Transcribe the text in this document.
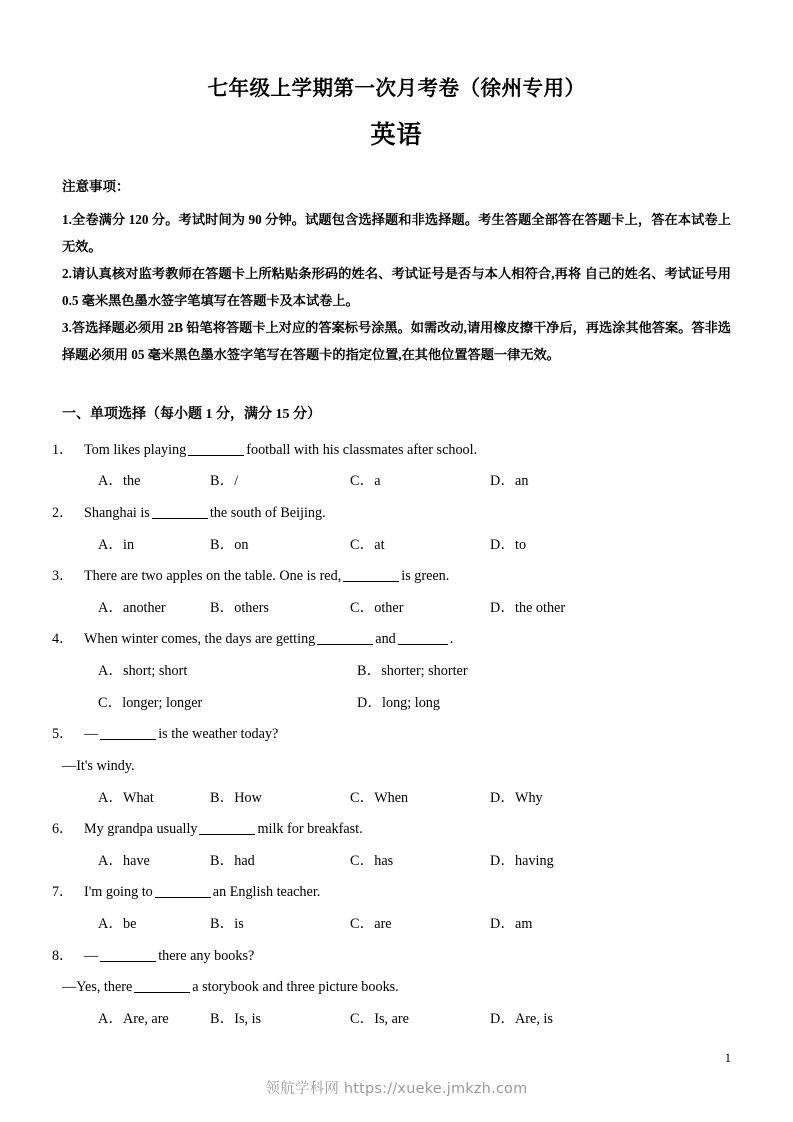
七年级上学期第一次月考卷（徐州专用）
英语
注意事项：

1.全卷满分 120 分。考试时间为 90 分钟。试题包含选择题和非选择题。考生答题全部答在答题卡上，答在本试卷上无效。

2.请认真核对监考教师在答题卡上所粘贴条形码的姓名、考试证号是否与本人相符合,再将 自己的姓名、考试证号用 0.5 毫米黑色墨水签字笔填写在答题卡及本试卷上。

3.答选择题必须用 2B 铅笔将答题卡上对应的答案标号涂黑。如需改动,请用橡皮擦干净后，再选涂其他答案。答非选择题必须用 05 毫米黑色墨水签字笔写在答题卡的指定位置,在其他位置答题一律无效。

一、单项选择（每小题 1 分，满分 15 分）
1． Tom likes playing	football with his classmates after school.
A．the	B．/	C．a	D．an
2． Shanghai is	the south of Beijing.
A．in	B．on	C．at	D．to
3． There are two apples on the table. One is red,	is green.
A．another	B．others	C．other	D．the other
4． When winter comes, the days are getting	and	.
A．short; short	B．shorter; shorter
C．longer; longer	D．long; long
5． —	is the weather today?
—It's windy.
A．What	B．How	C．When	D．Why
6． My grandpa usually	milk for breakfast.
A．have	B．had	C．has	D．having
7． I'm going to	an English teacher.
A．be	B．is	C．are	D．am
8． —	there any books?
—Yes, there	a storybook and three picture books.
A．Are, are	B．Is, is	C．Is, are	D．Are, is
1
领航学科网 https://xueke.jmkzh.com
